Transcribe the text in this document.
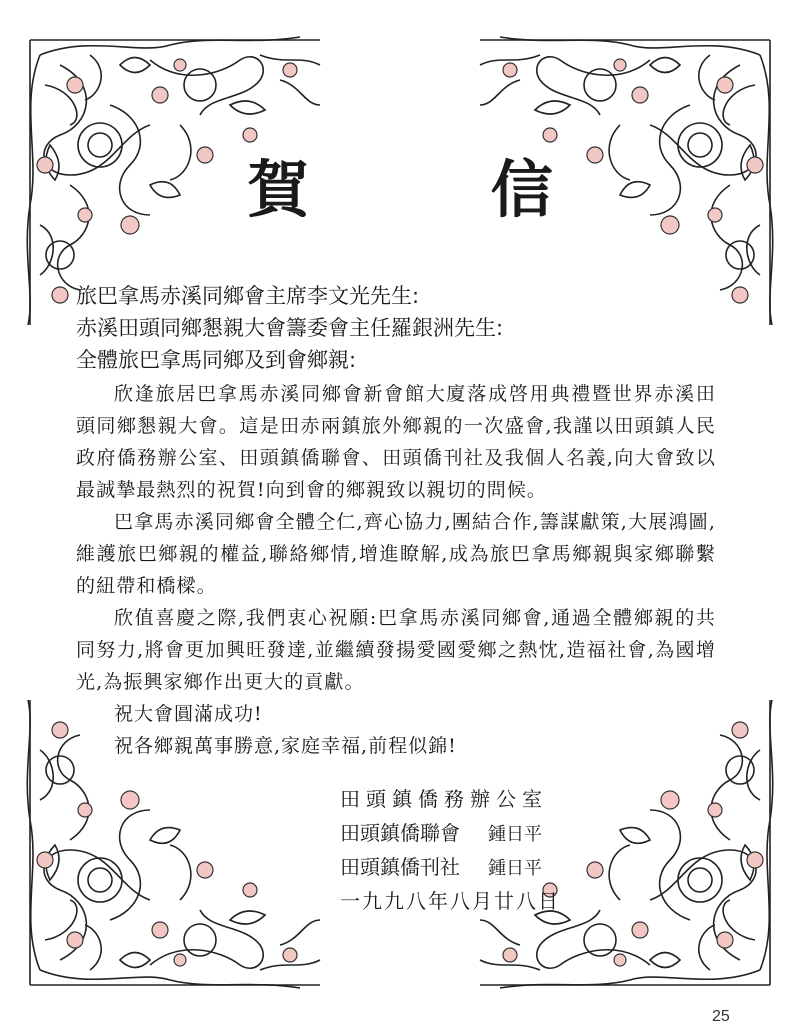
賀 信
旅巴拿馬赤溪同鄉會主席李文光先生:
赤溪田頭同鄉懇親大會籌委會主任羅銀洲先生:
全體旅巴拿馬同鄉及到會鄉親:

欣逢旅居巴拿馬赤溪同鄉會新會館大廈落成啓用典禮暨世界赤溪田頭同鄉懇親大會。這是田赤兩鎮旅外鄉親的一次盛會,我謹以田頭鎮人民政府僑務辦公室、田頭鎮僑聯會、田頭僑刊社及我個人名義,向大會致以最誠摯最熱烈的祝賀!向到會的鄉親致以親切的問候。

巴拿馬赤溪同鄉會全體仝仁,齊心協力,團結合作,籌謀獻策,大展鴻圖,維護旅巴鄉親的權益,聯絡鄉情,增進瞭解,成為旅巴拿馬鄉親與家鄉聯繫的紐帶和橋樑。

欣值喜慶之際,我們衷心祝願:巴拿馬赤溪同鄉會,通過全體鄉親的共同努力,將會更加興旺發達,並繼續發揚愛國愛鄉之熱忱,造福社會,為國增光,為振興家鄉作出更大的貢獻。

祝大會圓滿成功!

祝各鄉親萬事勝意,家庭幸福,前程似錦!

田頭鎮僑務辦公室
田頭鎮僑聯會 鍾日平
田頭鎮僑刊社 鍾日平
一九九八年八月廿八日
25
